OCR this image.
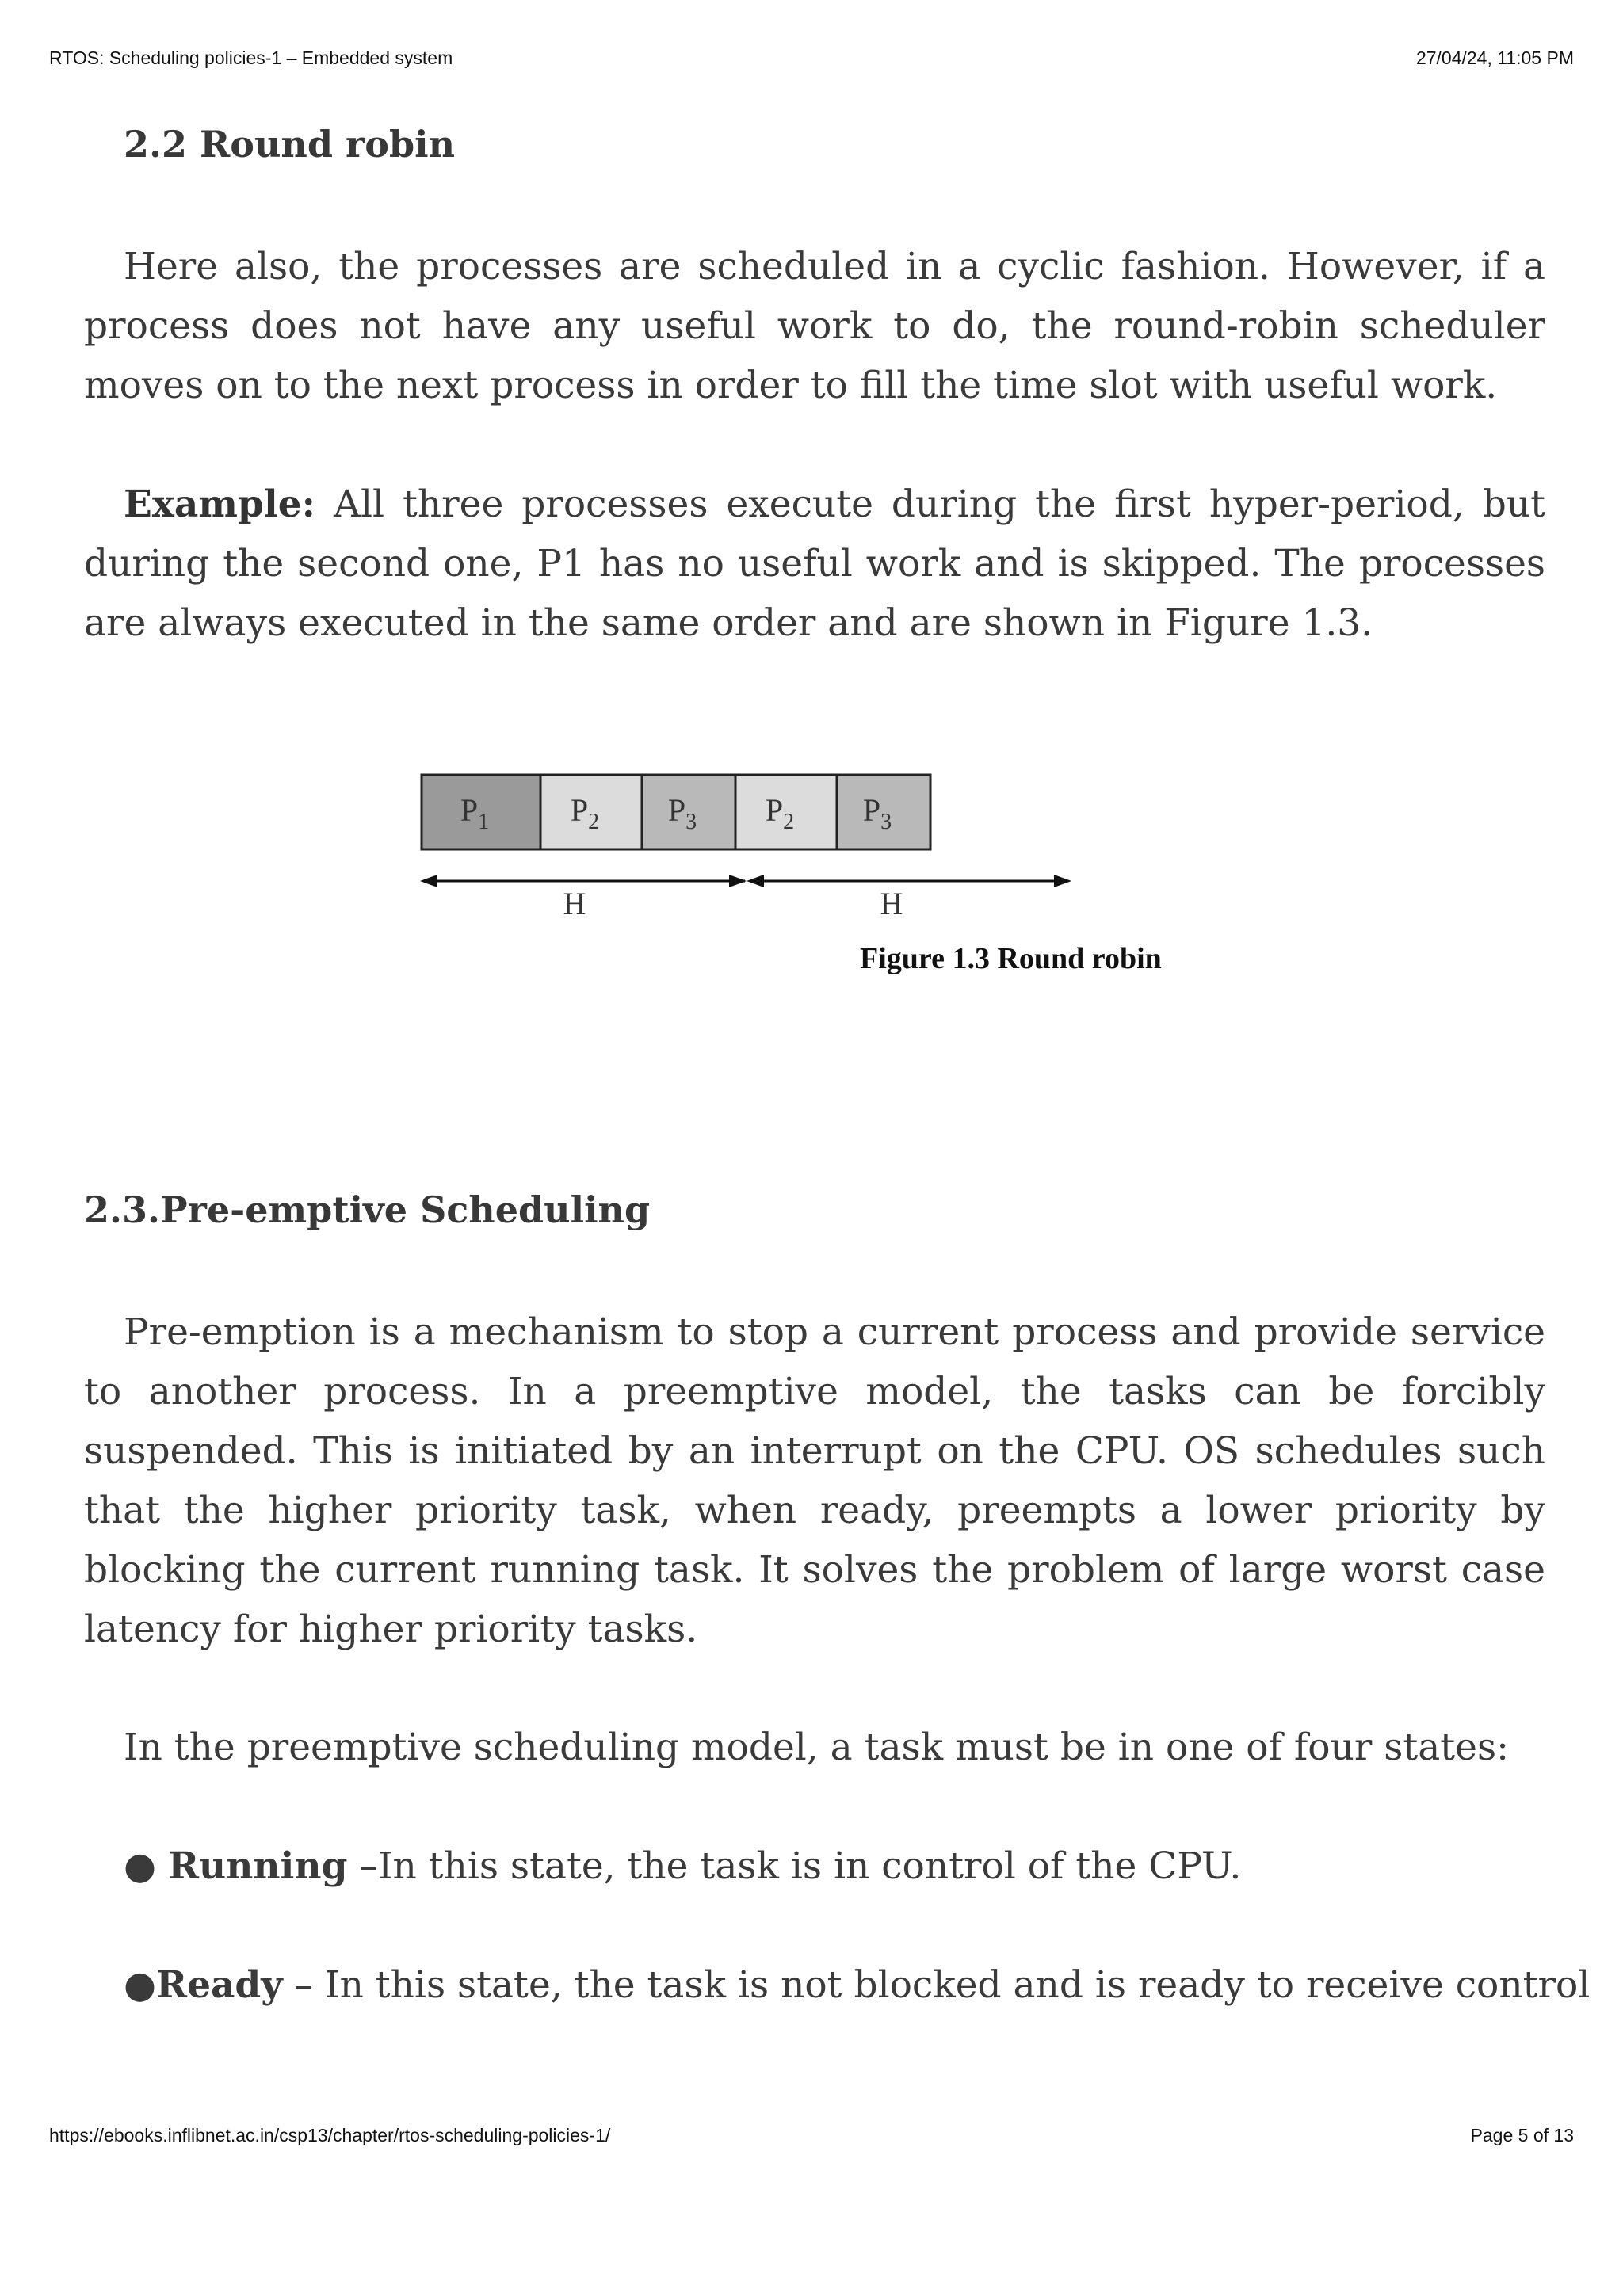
RTOS: Scheduling policies-1 – Embedded system	27/04/24, 11:05 PM
2.2 Round robin

Here also, the processes are scheduled in a cyclic fashion. However, if a process does not have any useful work to do, the round-robin scheduler moves on to the next process in order to fill the time slot with useful work.

Example: All three processes execute during the first hyper-period, but during the second one, P1 has no useful work and is skipped. The processes are always executed in the same order and are shown in Figure 1.3.

$P_1$	$P_2$ $P_3$ $P_2$ $P_3$
H	H
Figure 1.3 Round robin
2.3.Pre-emptive Scheduling

Pre-emption is a mechanism to stop a current process and provide service to another process. In a preemptive model, the tasks can be forcibly suspended. This is initiated by an interrupt on the CPU. OS schedules such that the higher priority task, when ready, preempts a lower priority by blocking the current running task. It solves the problem of large worst case latency for higher priority tasks.

In the preemptive scheduling model, a task must be in one of four states:

● Running –In this state, the task is in control of the CPU.
●Ready – In this state, the task is not blocked and is ready to receive control
https://ebooks.inflibnet.ac.in/csp13/chapter/rtos-scheduling-policies-1/	Page 5 of 13
